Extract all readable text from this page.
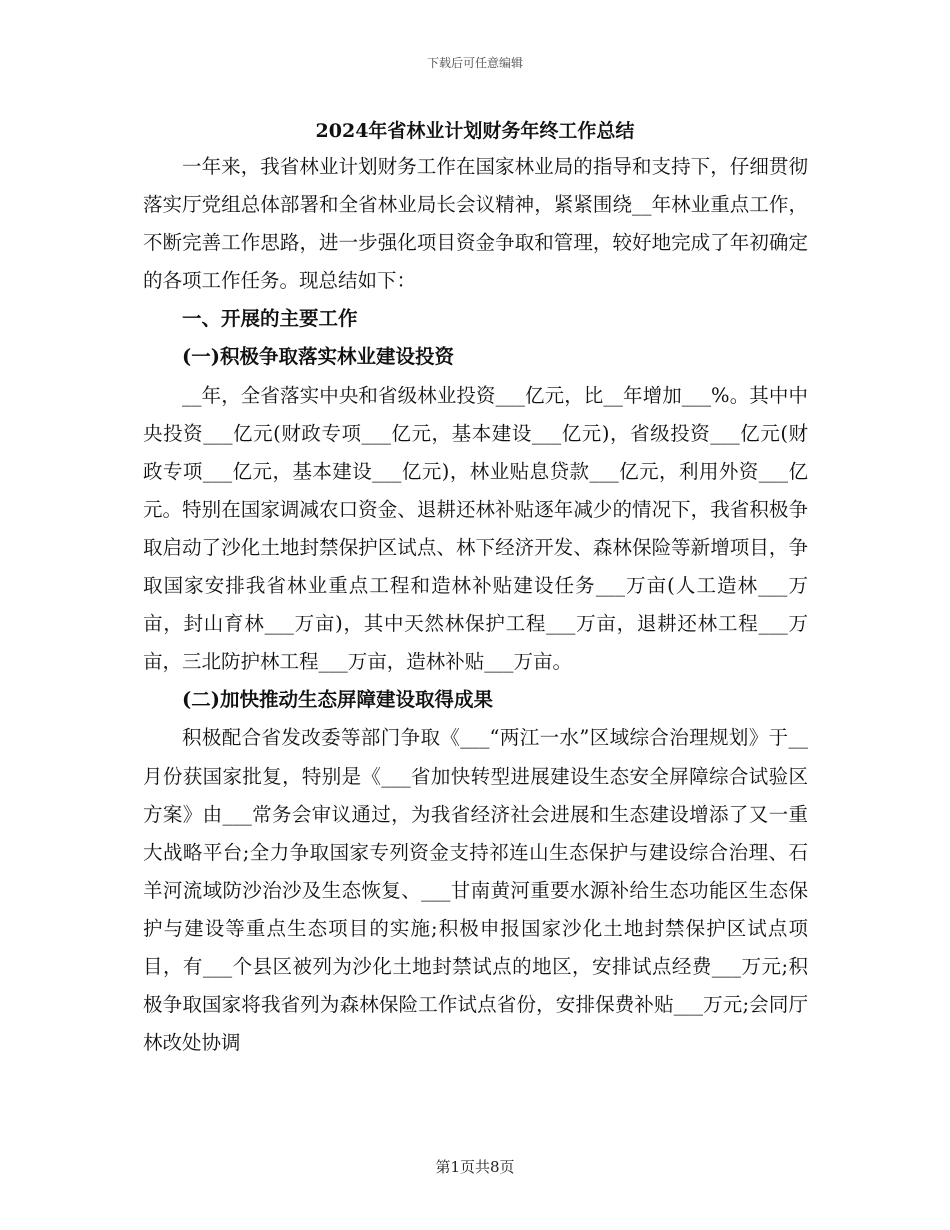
下载后可任意编辑
2024年省林业计划财务年终工作总结

一年来，我省林业计划财务工作在国家林业局的指导和支持下，仔细贯彻落实厅党组总体部署和全省林业局长会议精神，紧紧围绕__年林业重点工作，不断完善工作思路，进一步强化项目资金争取和管理，较好地完成了年初确定的各项工作任务。现总结如下：

一、开展的主要工作
(一)积极争取落实林业建设投资

__年，全省落实中央和省级林业投资___亿元，比__年增加___%。其中中央投资___亿元(财政专项___亿元，基本建设___亿元)，省级投资___亿元(财政专项___亿元，基本建设___亿元)，林业贴息贷款___亿元，利用外资___亿元。特别在国家调减农口资金、退耕还林补贴逐年减少的情况下，我省积极争取启动了沙化土地封禁保护区试点、林下经济开发、森林保险等新增项目，争取国家安排我省林业重点工程和造林补贴建设任务___万亩(人工造林___万亩，封山育林___万亩)，其中天然林保护工程___万亩，退耕还林工程___万亩，三北防护林工程___万亩，造林补贴___万亩。

(二)加快推动生态屏障建设取得成果

积极配合省发改委等部门争取《___“两江一水”区域综合治理规划》于__月份获国家批复，特别是《___省加快转型进展建设生态安全屏障综合试验区方案》由___常务会审议通过，为我省经济社会进展和生态建设增添了又一重大战略平台;全力争取国家专列资金支持祁连山生态保护与建设综合治理、石羊河流域防沙治沙及生态恢复、___甘南黄河重要水源补给生态功能区生态保护与建设等重点生态项目的实施;积极申报国家沙化土地封禁保护区试点项目，有___个县区被列为沙化土地封禁试点的地区，安排试点经费___万元;积极争取国家将我省列为森林保险工作试点省份，安排保费补贴___万元;会同厅林改处协调

第1页共8页
